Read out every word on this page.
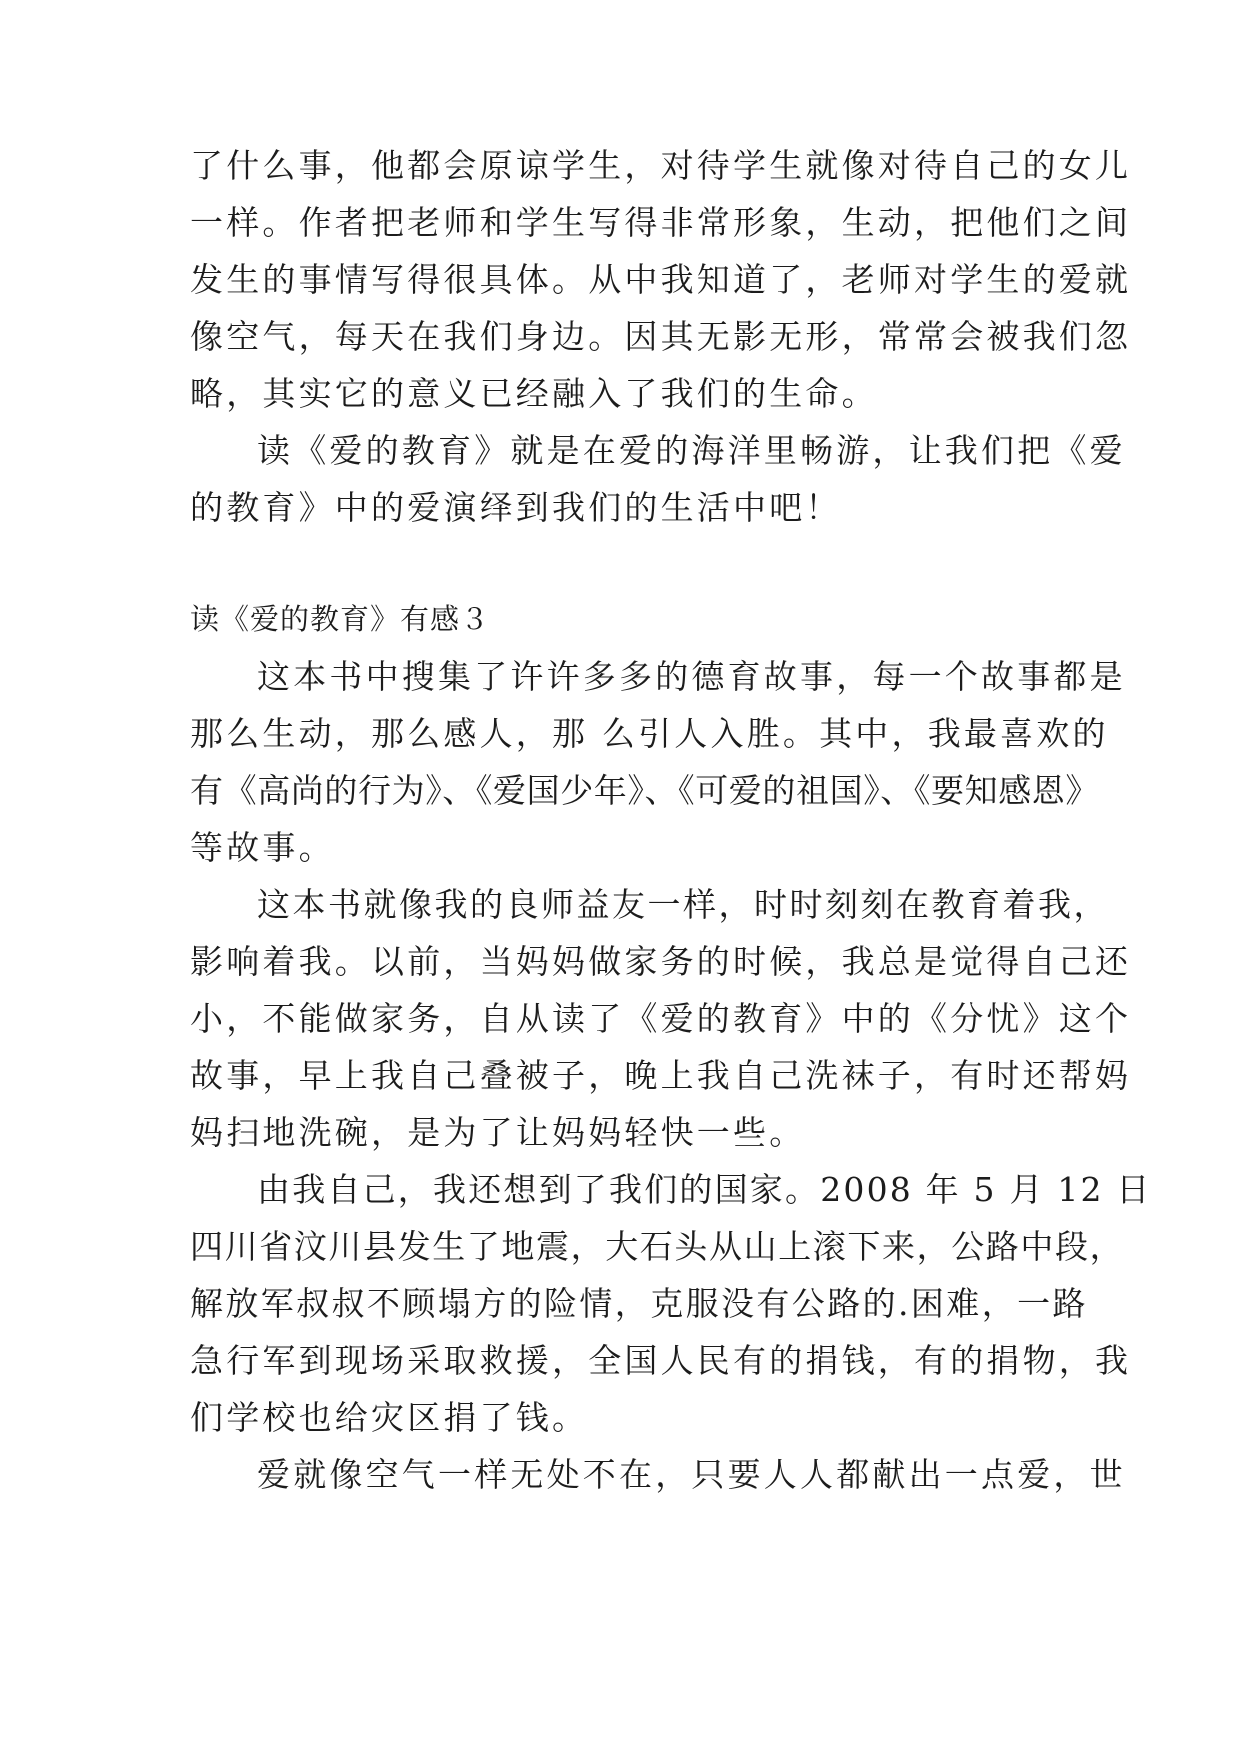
了什么事，他都会原谅学生，对待学生就像对待自己的女儿
一样。作者把老师和学生写得非常形象，生动，把他们之间
发生的事情写得很具体。从中我知道了，老师对学生的爱就
像空气，每天在我们身边。因其无影无形，常常会被我们忽
略，其实它的意义已经融入了我们的生命。
读《爱的教育》就是在爱的海洋里畅游，让我们把《爱
的教育》中的爱演绎到我们的生活中吧！
读《爱的教育》有感３
这本书中搜集了许许多多的德育故事，每一个故事都是
那么生动，那么感人，那 么引人入胜。其中，我最喜欢的
有《高尚的行为》、《爱国少年》、《可爱的祖国》、《要知感恩》
等故事。
这本书就像我的良师益友一样，时时刻刻在教育着我，
影响着我。以前，当妈妈做家务的时候，我总是觉得自己还
小，不能做家务，自从读了《爱的教育》中的《分忧》这个
故事，早上我自己叠被子，晚上我自己洗袜子，有时还帮妈
妈扫地洗碗，是为了让妈妈轻快一些。
由我自己，我还想到了我们的国家。2008 年 5 月 12 日
四川省汶川县发生了地震，大石头从山上滚下来，公路中段，
解放军叔叔不顾塌方的险情，克服没有公路的.困难，一路
急行军到现场采取救援，全国人民有的捐钱，有的捐物，我
们学校也给灾区捐了钱。
爱就像空气一样无处不在，只要人人都献出一点爱，世
